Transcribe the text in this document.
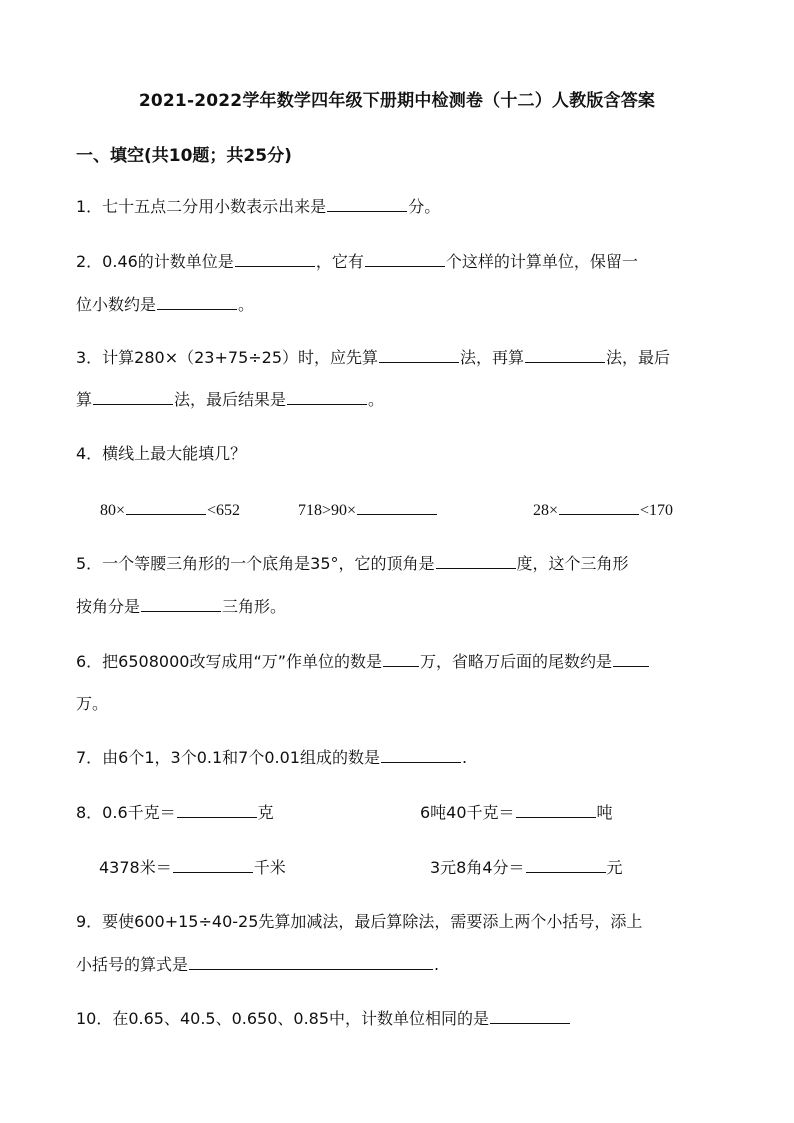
2021-2022学年数学四年级下册期中检测卷（十二）人教版含答案
一、填空(共10题；共25分)
1．七十五点二分用小数表示出来是	分。
2．0.46的计数单位是	，它有	个这样的计算单位，保留一
位小数约是	。
3．计算280×（23+75÷25）时，应先算	法，再算	法，最后
算	法，最后结果是	。
4．横线上最大能填几？
80×	<652	718>90×	28×	<170
5．一个等腰三角形的一个底角是35°，它的顶角是	度，这个三角形
按角分是	三角形。
6．把6508000改写成用“万”作单位的数是 万，省略万后面的尾数约是
万。
7．由6个1，3个0.1和7个0.01组成的数是	.
8．0.6千克＝	克	6吨40千克＝	吨
4378米＝	千米	3元8角4分＝	元
9．要使600+15÷40-25先算加减法，最后算除法，需要添上两个小括号，添上
小括号的算式是	.
10．在0.65、40.5、0.650、0.85中，计数单位相同的是
